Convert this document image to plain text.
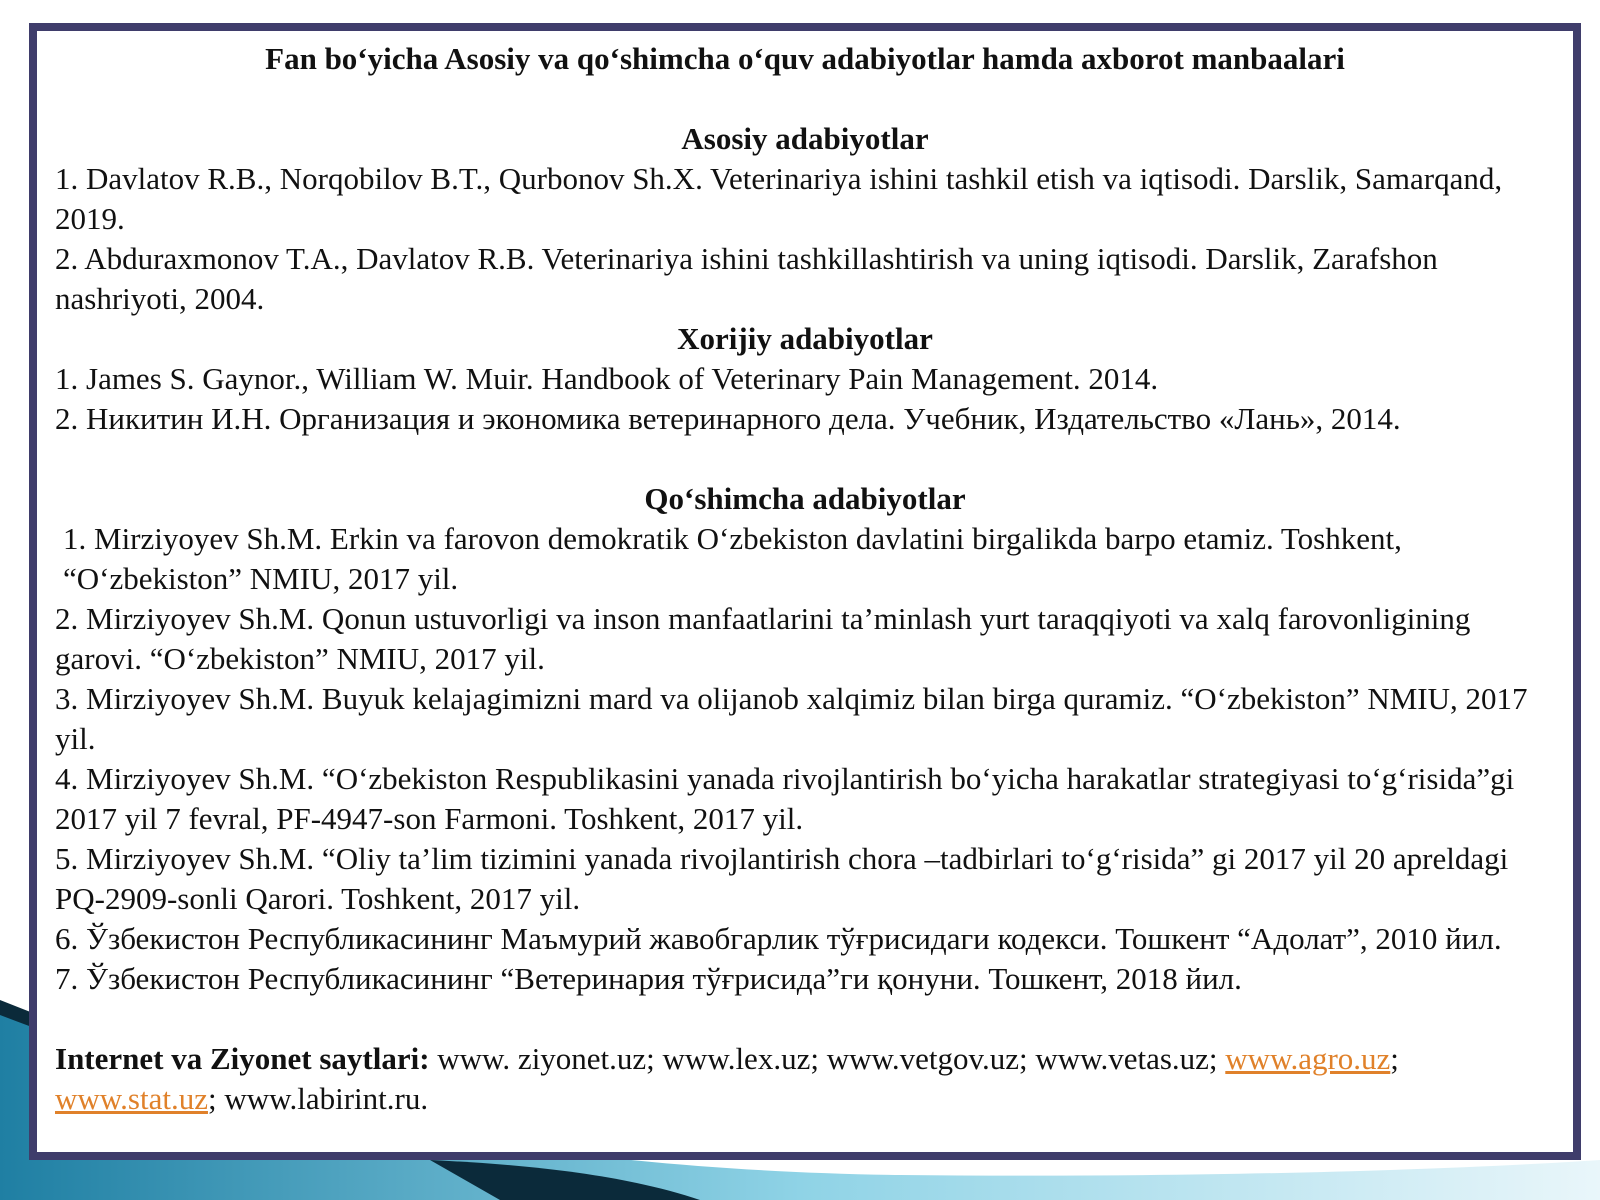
Fan bo‘yicha Asosiy va qo‘shimcha o‘quv adabiyotlar hamda axborot manbaalari

Asosiy adabiyotlar

1. Davlatov R.B., Norqobilov B.T., Qurbonov Sh.X. Veterinariya ishini tashkil etish va iqtisodi. Darslik, Samarqand, 2019.

2. Abduraxmonov T.A., Davlatov R.B. Veterinariya ishini tashkillashtirish va uning iqtisodi. Darslik, Zarafshon nashriyoti, 2004.

Xorijiy adabiyotlar

1. James S. Gaynor., William W. Muir. Handbook of Veterinary Pain Management. 2014.

2. Никитин И.Н. Организация и экономика ветеринарного дела. Учебник, Издательство «Лань», 2014.

Qo‘shimcha adabiyotlar

1. Mirziyoyev Sh.M. Erkin va farovon demokratik O‘zbekiston davlatini birgalikda barpo etamiz. Toshkent, “O‘zbekiston” NMIU, 2017 yil.

2. Mirziyoyev Sh.M. Qonun ustuvorligi va inson manfaatlarini ta’minlash yurt taraqqiyoti va xalq farovonligining garovi. “O‘zbekiston” NMIU, 2017 yil.

3. Mirziyoyev Sh.M. Buyuk kelajagimizni mard va olijanob xalqimiz bilan birga quramiz. “O‘zbekiston” NMIU, 2017 yil.

4. Mirziyoyev Sh.M. “O‘zbekiston Respublikasini yanada rivojlantirish bo‘yicha harakatlar strategiyasi to‘g‘risida”gi 2017 yil 7 fevral, PF-4947-son Farmoni. Toshkent, 2017 yil.

5. Mirziyoyev Sh.M. “Oliy ta’lim tizimini yanada rivojlantirish chora –tadbirlari to‘g‘risida” gi 2017 yil 20 apreldagi PQ-2909-sonli Qarori. Toshkent, 2017 yil.

6. Ўзбекистон Республикасининг Маъмурий жавобгарлик тўғрисидаги кодекси. Тошкент “Адолат”, 2010 йил.

7. Ўзбекистон Республикасининг “Ветеринария тўғрисида”ги қонуни. Тошкент, 2018 йил.

Internet va Ziyonet saytlari: www. ziyonet.uz; www.lex.uz; www.vetgov.uz; www.vetas.uz; www.agro.uz; www.stat.uz; www.labirint.ru.
